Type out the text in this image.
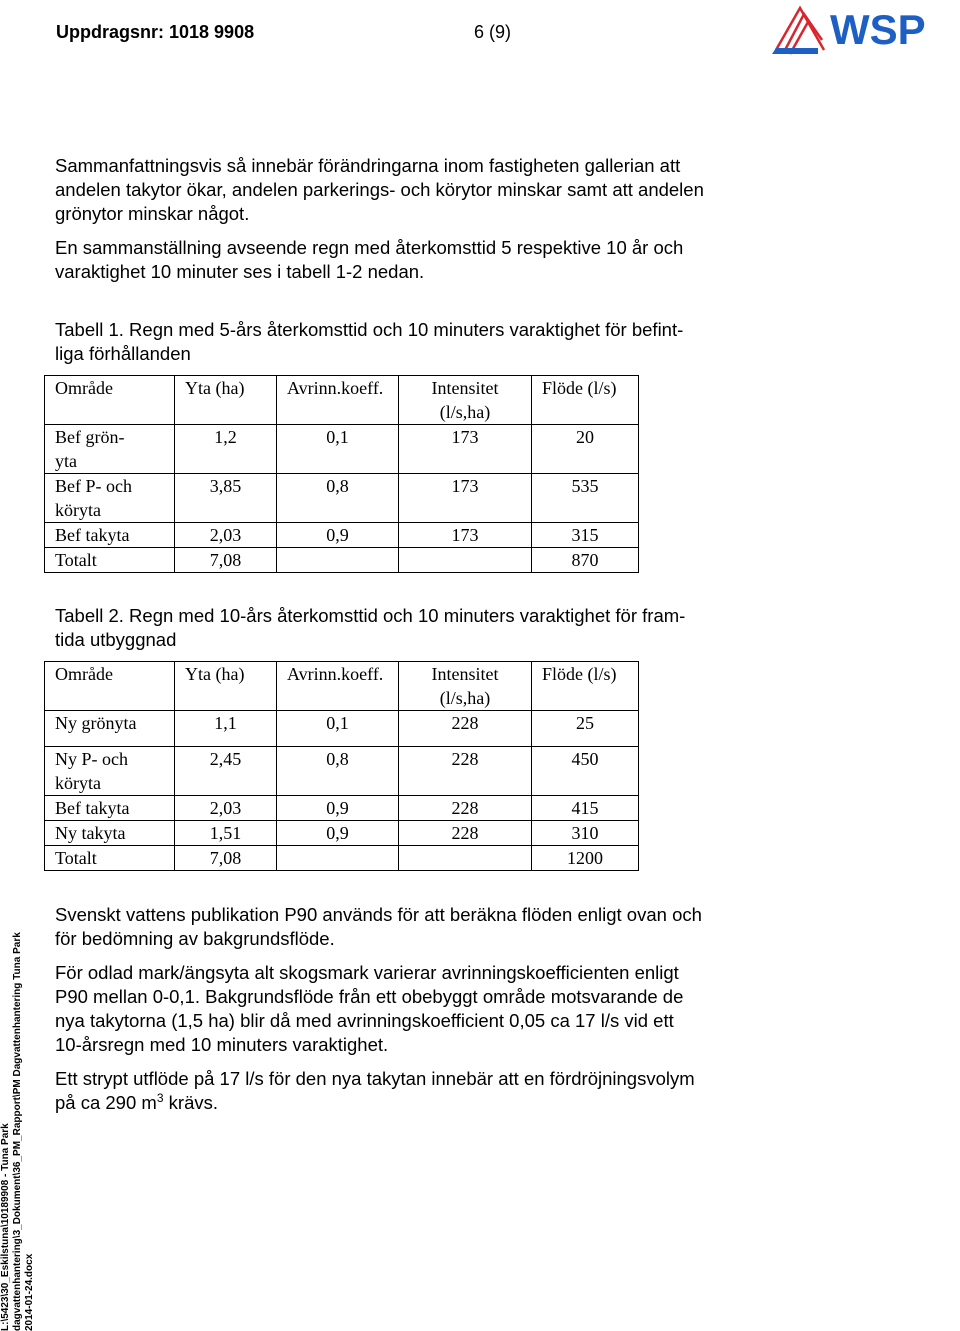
Uppdragsnr: 1018 9908	6 (9)	WSP
Sammanfattningsvis så innebär förändringarna inom fastigheten gallerian att
andelen takytor ökar, andelen parkerings- och körytor minskar samt att andelen
grönytor minskar något.
En sammanställning avseende regn med återkomsttid 5 respektive 10 år och
varaktighet 10 minuter ses i tabell 1-2 nedan.
Tabell 1. Regn med 5-års återkomsttid och 10 minuters varaktighet för befint-
liga förhållanden
Område	Yta (ha)	Avrinn.koeff.	Intensitet (l/s,ha)	Flöde (l/s)
Bef grön-
yta	1,2	0,1	173	20
Bef P- och
köryta	3,85	0,8	173	535
Bef takyta	2,03	0,9	173	315
Totalt	7,08			870
Tabell 2. Regn med 10-års återkomsttid och 10 minuters varaktighet för fram-
tida utbyggnad
Område	Yta (ha)	Avrinn.koeff.	Intensitet (l/s,ha)	Flöde (l/s)
Ny grönyta	1,1	0,1	228	25
Ny P- och
köryta	2,45	0,8	228	450
Bef takyta	2,03	0,9	228	415
Ny takyta	1,51	0,9	228	310
Totalt	7,08			1200
Svenskt vattens publikation P90 används för att beräkna flöden enligt ovan och
för bedömning av bakgrundsflöde.
För odlad mark/ängsyta alt skogsmark varierar avrinningskoefficienten enligt
P90 mellan 0-0,1. Bakgrundsflöde från ett obebyggt område motsvarande de
nya takytorna (1,5 ha) blir då med avrinningskoefficient 0,05 ca 17 l/s vid ett
10-årsregn med 10 minuters varaktighet.
Ett strypt utflöde på 17 l/s för den nya takytan innebär att en fördröjningsvolym
på ca 290 $m^3$ krävs.
L:\5423\30_Eskilstuna\10189908 - Tuna Park dagvattenhantering\3_Dokument\36_PM_Rapport\PM Dagvattenhantering Tuna Park 2014-01-24.docx
